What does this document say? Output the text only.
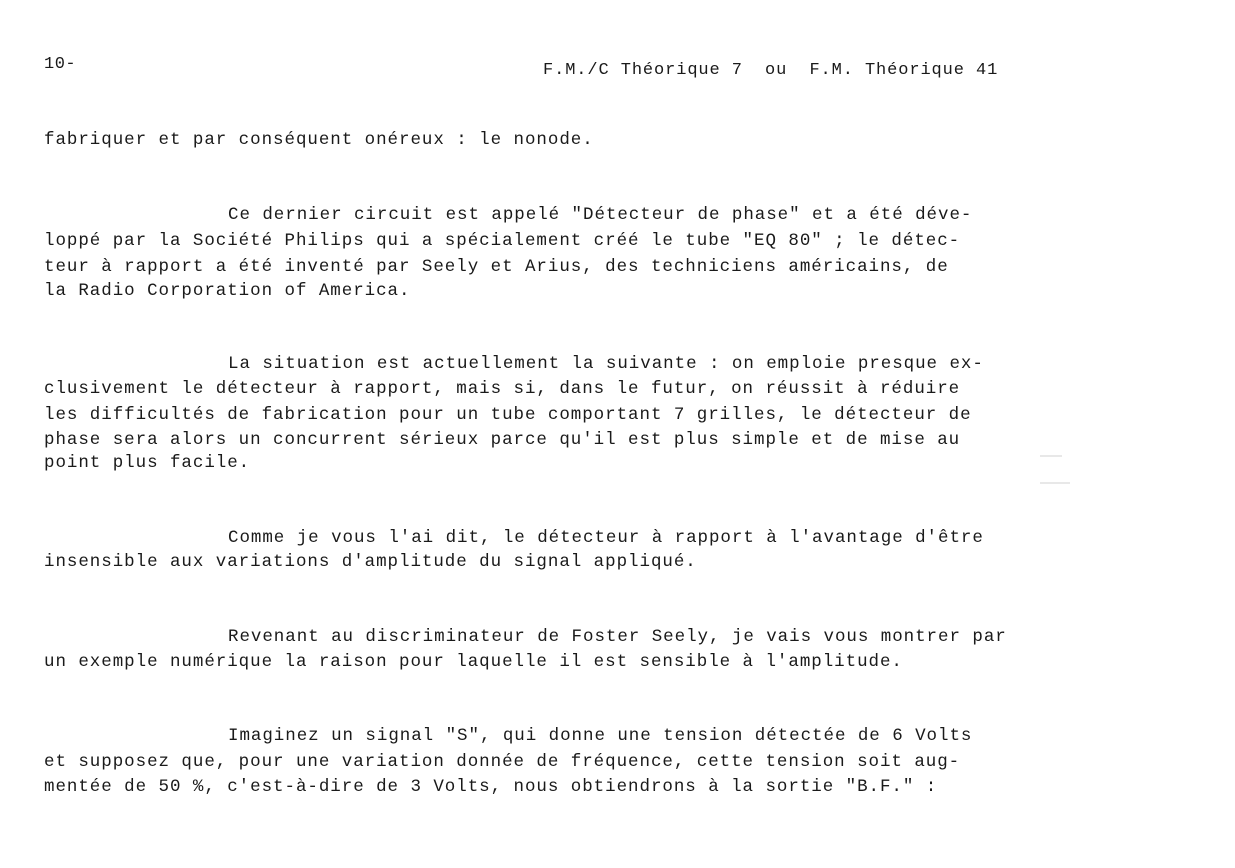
10-	F.M./C Théorique 7  ou  F.M. Théorique 41
fabriquer et par conséquent onéreux : le nonode.
Ce dernier circuit est appelé "Détecteur de phase" et a été déve-
loppé par la Société Philips qui a spécialement créé le tube "EQ 80" ; le détec-
teur à rapport a été inventé par Seely et Arius, des techniciens américains, de
la Radio Corporation of America.
La situation est actuellement la suivante : on emploie presque ex-
clusivement le détecteur à rapport, mais si, dans le futur, on réussit à réduire
les difficultés de fabrication pour un tube comportant 7 grilles, le détecteur de
phase sera alors un concurrent sérieux parce qu'il est plus simple et de mise au
point plus facile.
Comme je vous l'ai dit, le détecteur à rapport à l'avantage d'être
insensible aux variations d'amplitude du signal appliqué.
Revenant au discriminateur de Foster Seely, je vais vous montrer par
un exemple numérique la raison pour laquelle il est sensible à l'amplitude.
Imaginez un signal "S", qui donne une tension détectée de 6 Volts
et supposez que, pour une variation donnée de fréquence, cette tension soit aug-
mentée de 50 %, c'est-à-dire de 3 Volts, nous obtiendrons à la sortie "B.F." :
